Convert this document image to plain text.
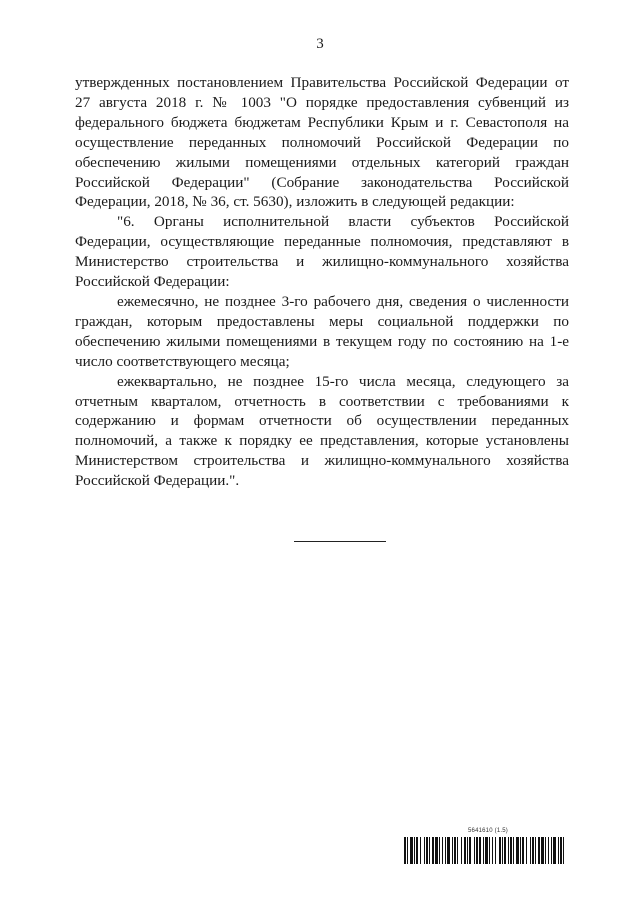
3

утвержденных постановлением Правительства Российской Федерации от 27 августа 2018 г. № 1003 "О порядке предоставления субвенций из федерального бюджета бюджетам Республики Крым и г. Севастополя на осуществление переданных полномочий Российской Федерации по обеспечению жилыми помещениями отдельных категорий граждан Российской Федерации" (Собрание законодательства Российской Федерации, 2018, № 36, ст. 5630), изложить в следующей редакции:

"6. Органы исполнительной власти субъектов Российской Федерации, осуществляющие переданные полномочия, представляют в Министерство строительства и жилищно-коммунального хозяйства Российской Федерации:

ежемесячно, не позднее 3-го рабочего дня, сведения о численности граждан, которым предоставлены меры социальной поддержки по обеспечению жилыми помещениями в текущем году по состоянию на 1-е число соответствующего месяца;

ежеквартально, не позднее 15-го числа месяца, следующего за отчетным кварталом, отчетность в соответствии с требованиями к содержанию и формам отчетности об осуществлении переданных полномочий, а также к порядку ее представления, которые установлены Министерством строительства и жилищно-коммунального хозяйства Российской Федерации.".

5641610 (1.5)
